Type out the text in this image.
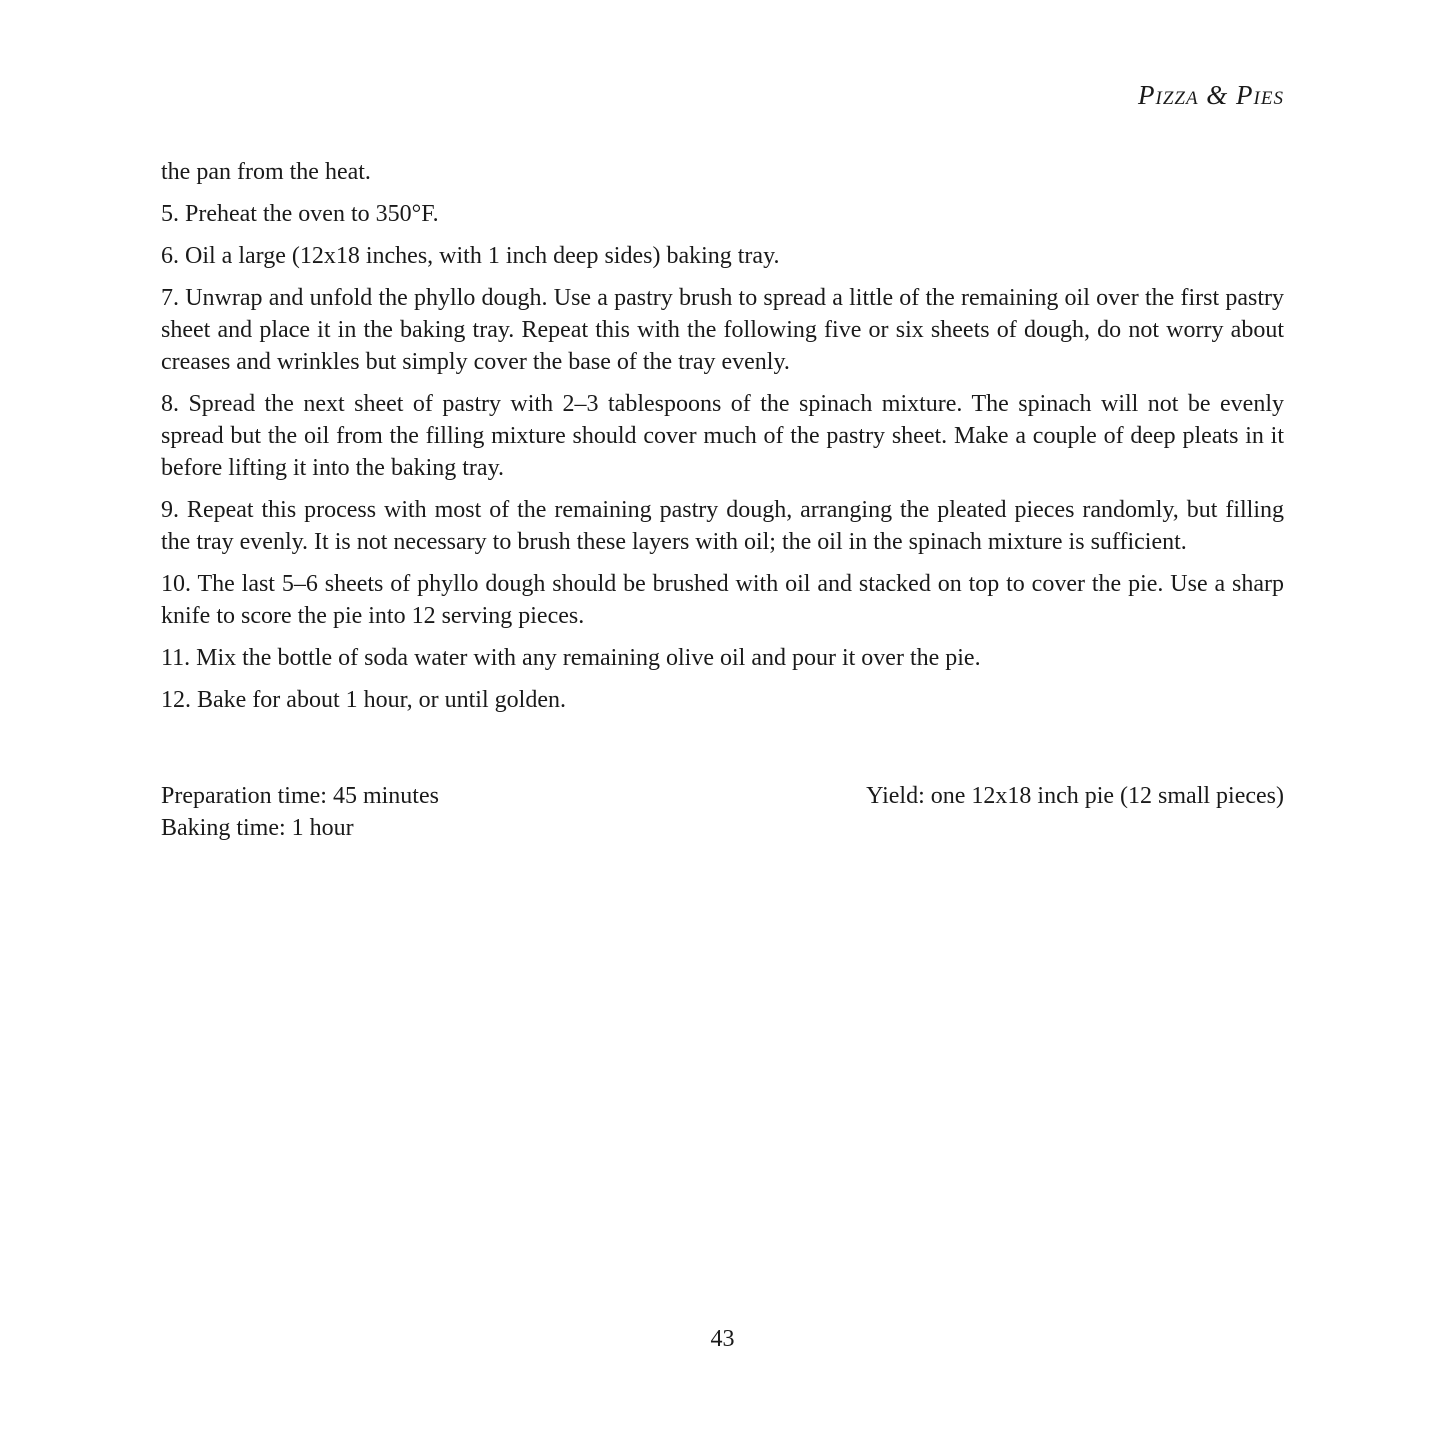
Pizza & Pies

the pan from the heat.

5. Preheat the oven to 350°F.

6. Oil a large (12x18 inches, with 1 inch deep sides) baking tray.

7. Unwrap and unfold the phyllo dough. Use a pastry brush to spread a little of the remaining oil over the first pastry sheet and place it in the baking tray. Repeat this with the following five or six sheets of dough, do not worry about creases and wrinkles but simply cover the base of the tray evenly.

8. Spread the next sheet of pastry with 2–3 tablespoons of the spinach mixture. The spinach will not be evenly spread but the oil from the filling mixture should cover much of the pastry sheet. Make a couple of deep pleats in it before lifting it into the baking tray.

9. Repeat this process with most of the remaining pastry dough, arranging the pleated pieces randomly, but filling the tray evenly. It is not necessary to brush these layers with oil; the oil in the spinach mixture is sufficient.

10. The last 5–6 sheets of phyllo dough should be brushed with oil and stacked on top to cover the pie. Use a sharp knife to score the pie into 12 serving pieces.

11. Mix the bottle of soda water with any remaining olive oil and pour it over the pie.

12. Bake for about 1 hour, or until golden.

Preparation time: 45 minutes
Baking time: 1 hour
Yield: one 12x18 inch pie (12 small pieces)
43
